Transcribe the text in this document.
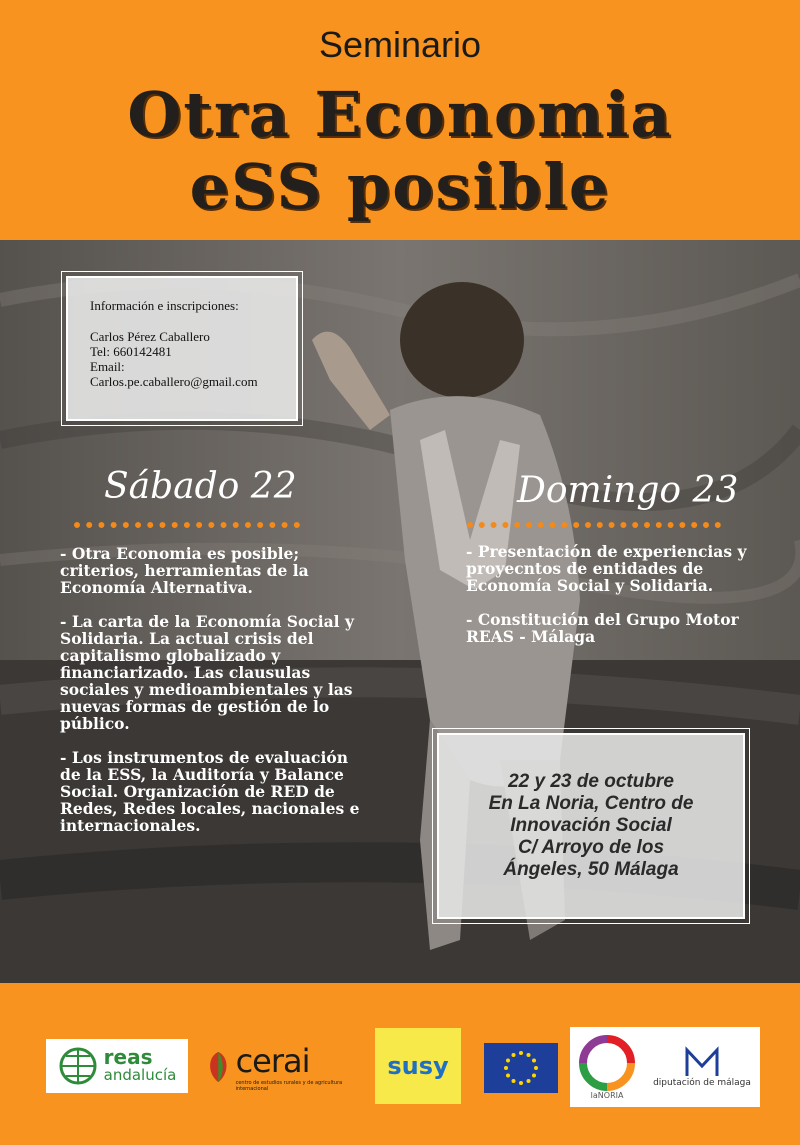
Seminario
Otra Economia
eSS posible
Información e inscripciones:
Carlos Pérez Caballero
Tel: 660142481
Email:
Carlos.pe.caballero@gmail.com
Sábado 22

- Otra Economia es posible; criterios, herramientas de la Economía Alternativa.

- La carta de la Economía Social y Solidaria. La actual crisis del capitalismo globalizado y financiarizado. Las clausulas sociales y medioambientales y las nuevas formas de gestión de lo público.

- Los instrumentos de evaluación de la ESS, la Auditoría y Balance Social. Organización de RED de Redes, Redes locales, nacionales e internacionales.

Domingo 23

- Presentación de experiencias y proyecntos de entidades de Economía Social y Solidaria.

- Constitución del Grupo Motor REAS - Málaga

22 y 23 de octubre
En La Noria, Centro de
Innovación Social
C/ Arroyo de los
Ángeles, 50 Málaga
reas
andalucía cerai
centro de estudios rurales y de agricultura internacional
susy
laNORIA
diputación de málaga
